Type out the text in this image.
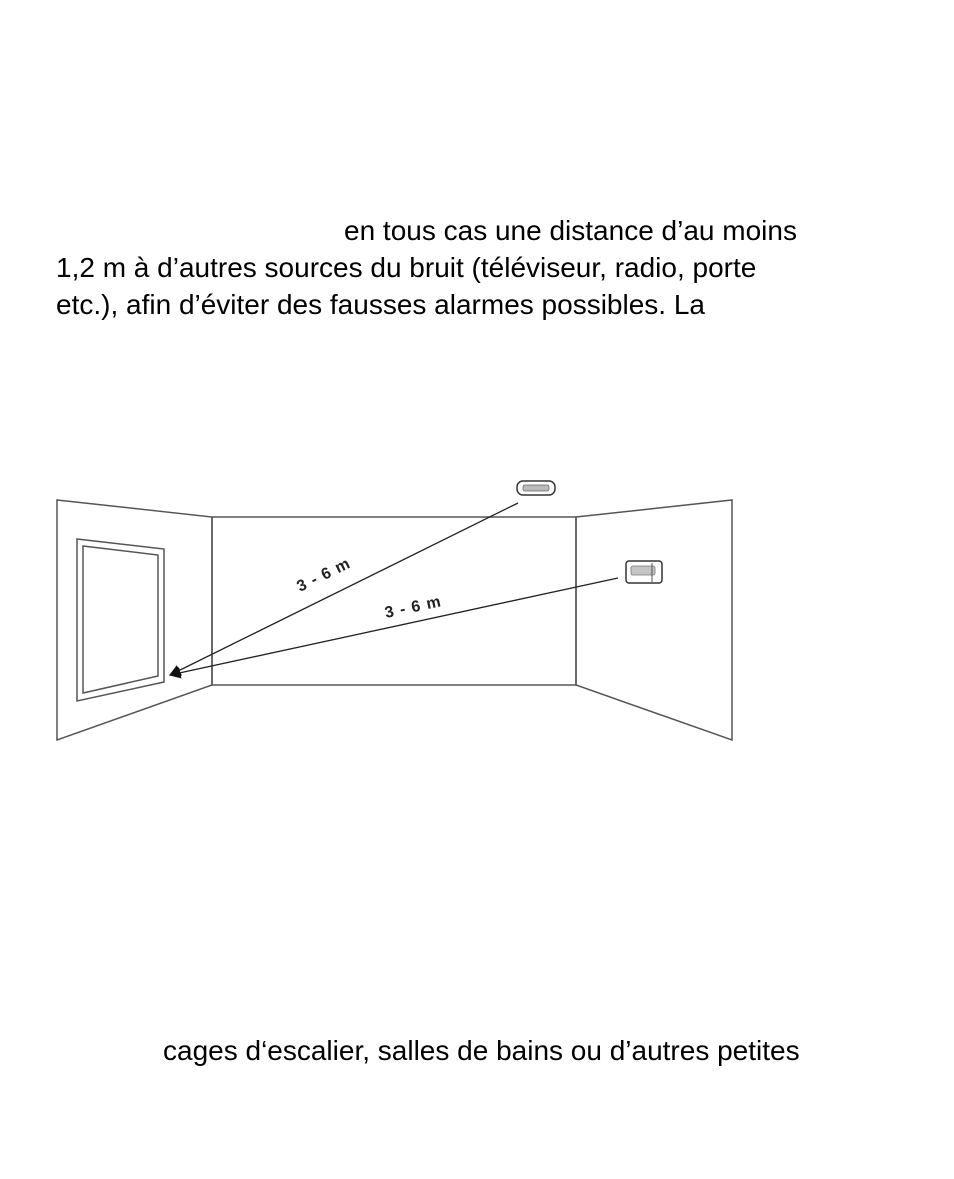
en tous cas une distance d’au moins
1,2 m à d’autres sources du bruit (téléviseur, radio, porte
etc.), afin d’éviter des fausses alarmes possibles. La
3 - 6 m
3 - 6 m
cages d‘escalier, salles de bains ou d’autres petites
